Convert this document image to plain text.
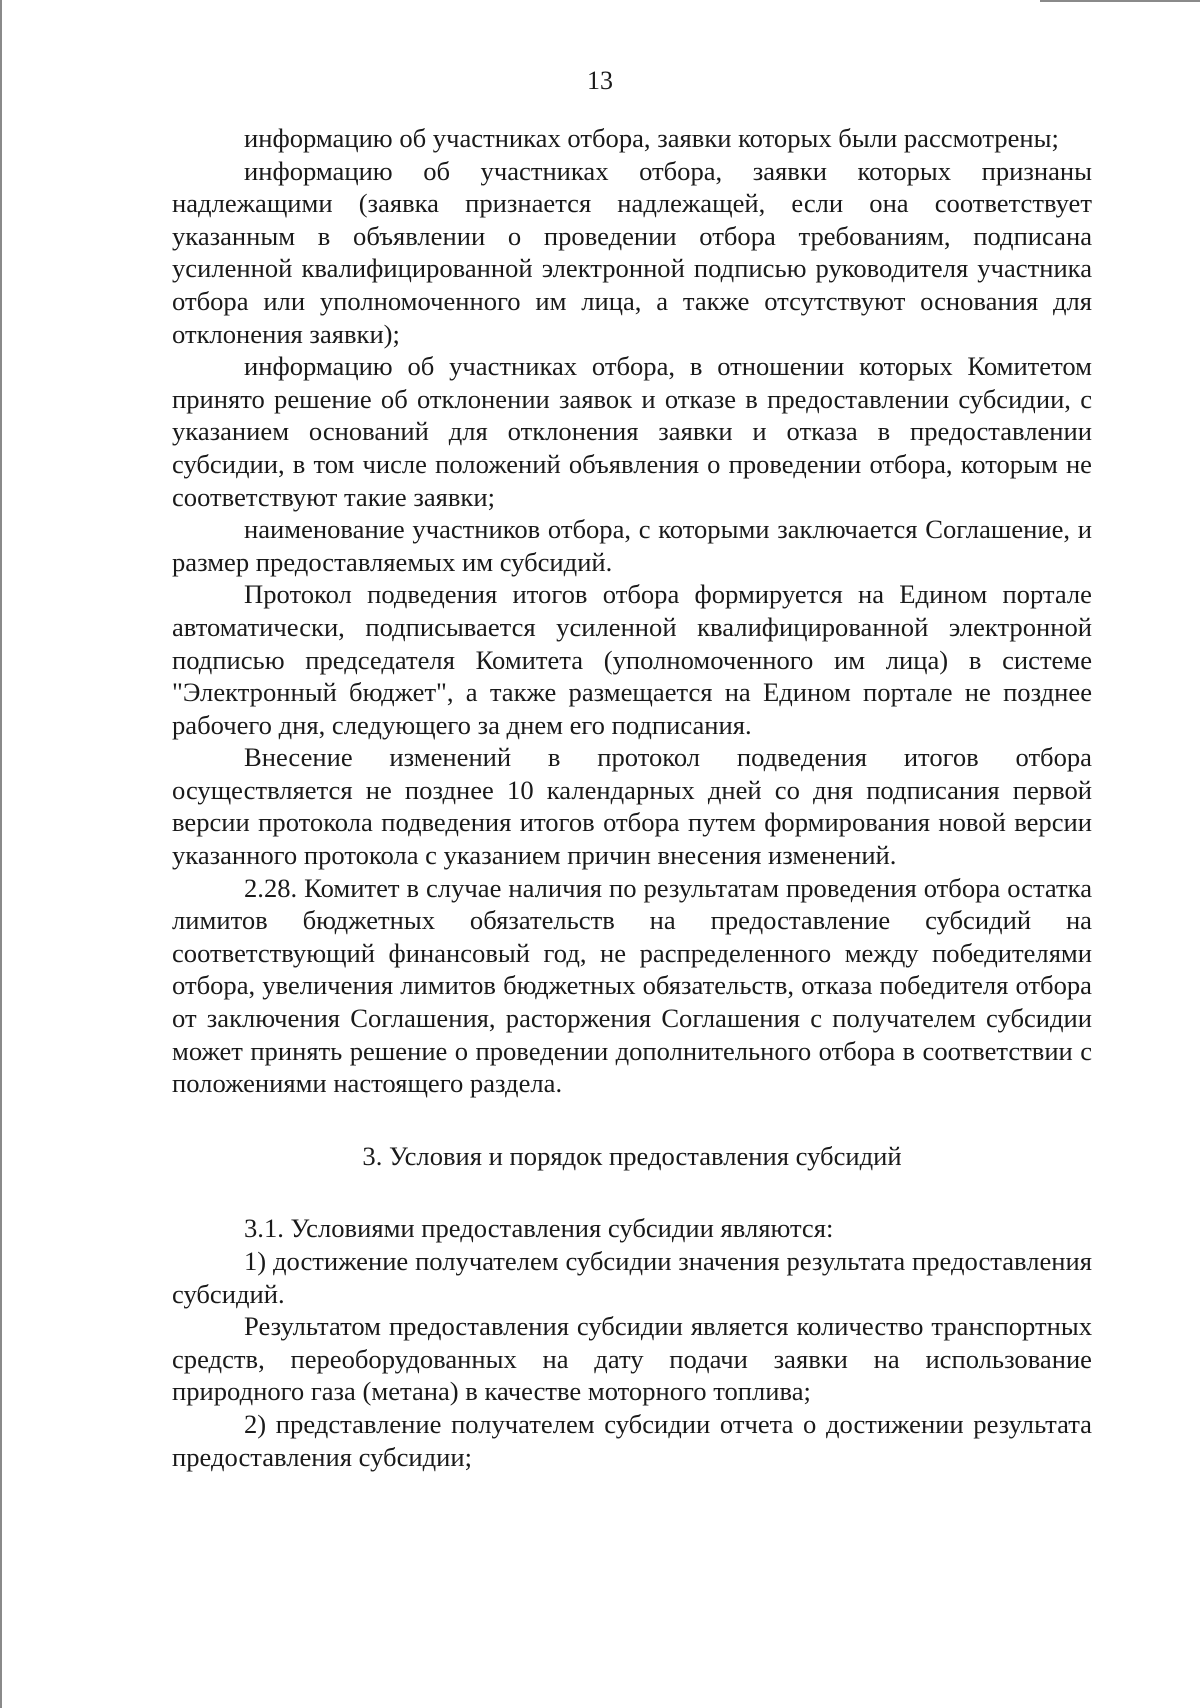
13

информацию об участниках отбора, заявки которых были рассмотрены;

информацию об участниках отбора, заявки которых признаны надлежащими (заявка признается надлежащей, если она соответствует указанным в объявлении о проведении отбора требованиям, подписана усиленной квалифицированной электронной подписью руководителя участника отбора или уполномоченного им лица, а также отсутствуют основания для отклонения заявки);

информацию об участниках отбора, в отношении которых Комитетом принято решение об отклонении заявок и отказе в предоставлении субсидии, с указанием оснований для отклонения заявки и отказа в предоставлении субсидии, в том числе положений объявления о проведении отбора, которым не соответствуют такие заявки;

наименование участников отбора, с которыми заключается Соглашение, и размер предоставляемых им субсидий.

Протокол подведения итогов отбора формируется на Едином портале автоматически, подписывается усиленной квалифицированной электронной подписью председателя Комитета (уполномоченного им лица) в системе "Электронный бюджет", а также размещается на Едином портале не позднее рабочего дня, следующего за днем его подписания.

Внесение изменений в протокол подведения итогов отбора осуществляется не позднее 10 календарных дней со дня подписания первой версии протокола подведения итогов отбора путем формирования новой версии указанного протокола с указанием причин внесения изменений.

2.28. Комитет в случае наличия по результатам проведения отбора остатка лимитов бюджетных обязательств на предоставление субсидий на соответствующий финансовый год, не распределенного между победителями отбора, увеличения лимитов бюджетных обязательств, отказа победителя отбора от заключения Соглашения, расторжения Соглашения с получателем субсидии может принять решение о проведении дополнительного отбора в соответствии с положениями настоящего раздела.

3. Условия и порядок предоставления субсидий

3.1. Условиями предоставления субсидии являются:

1) достижение получателем субсидии значения результата предоставления субсидий.

Результатом предоставления субсидии является количество транспортных средств, переоборудованных на дату подачи заявки на использование природного газа (метана) в качестве моторного топлива;

2) представление получателем субсидии отчета о достижении результата предоставления субсидии;
